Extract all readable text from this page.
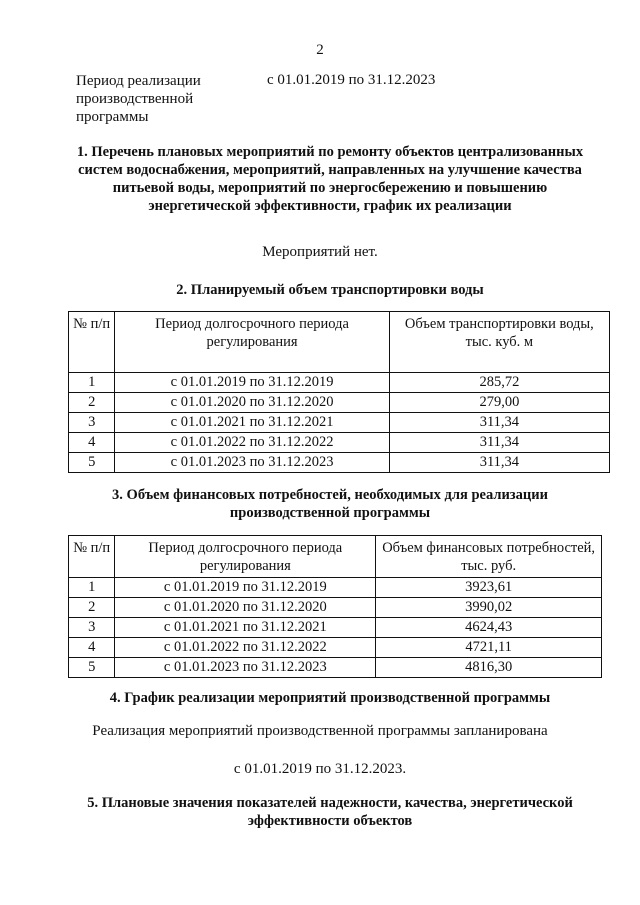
2
Период реализации производственной программы
с 01.01.2019 по 31.12.2023
1. Перечень плановых мероприятий по ремонту объектов централизованных систем водоснабжения, мероприятий, направленных на улучшение качества питьевой воды, мероприятий по энергосбережению и повышению энергетической эффективности, график их реализации
Мероприятий нет.
2. Планируемый объем транспортировки воды
№ п/п	Период долгосрочного периода регулирования	Объем транспортировки воды, тыс. куб. м
1	с 01.01.2019 по 31.12.2019	285,72
2	с 01.01.2020 по 31.12.2020	279,00
3	с 01.01.2021 по 31.12.2021	311,34
4	с 01.01.2022 по 31.12.2022	311,34
5	с 01.01.2023 по 31.12.2023	311,34
3. Объем финансовых потребностей, необходимых для реализации производственной программы
№ п/п	Период долгосрочного периода регулирования	Объем финансовых потребностей, тыс. руб.
1	с 01.01.2019 по 31.12.2019	3923,61
2	с 01.01.2020 по 31.12.2020	3990,02
3	с 01.01.2021 по 31.12.2021	4624,43
4	с 01.01.2022 по 31.12.2022	4721,11
5	с 01.01.2023 по 31.12.2023	4816,30
4. График реализации мероприятий производственной программы
Реализация мероприятий производственной программы запланирована
с 01.01.2019 по 31.12.2023.
5. Плановые значения показателей надежности, качества, энергетической эффективности объектов
